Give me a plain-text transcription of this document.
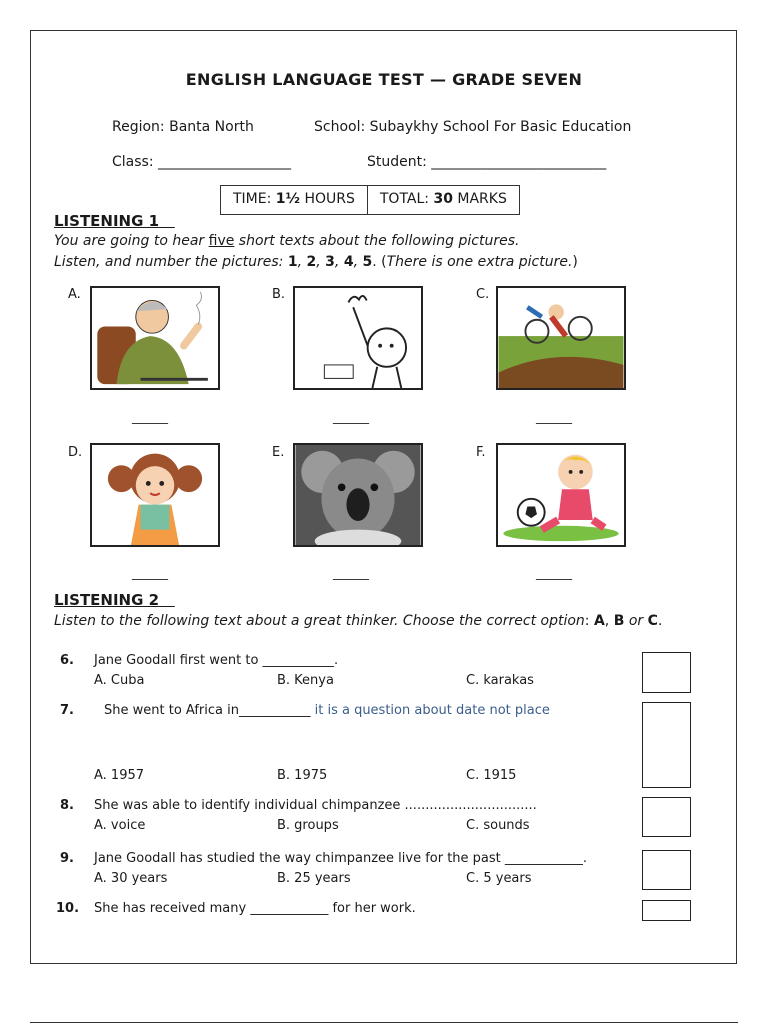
ENGLISH LANGUAGE TEST — GRADE SEVEN
Region: Banta North	School: Subaykhy School For Basic Education
Class: ___________________	Student: _________________________
TIME: 1½ HOURS	TOTAL: 30 MARKS
LISTENING 1
You are going to hear five short texts about the following pictures.
Listen, and number the pictures: 1, 2, 3, 4, 5. (There is one extra picture.)
A.	B.	C.
______	______	______
D.	E.	F.
______	______	______
LISTENING 2
Listen to the following text about a great thinker. Choose the correct option: A, B or C.
6. Jane Goodall first went to ___________.
A. Cuba	B. Kenya	C. karakas
7. She went to Africa in___________ it is a question about date not place
A. 1957	B. 1975	C. 1915
8. She was able to identify individual chimpanzee ................................
A. voice	B. groups	C. sounds
9. Jane Goodall has studied the way chimpanzee live for the past ____________.
A. 30 years	B. 25 years	C. 5 years
10. She has received many ____________ for her work.
